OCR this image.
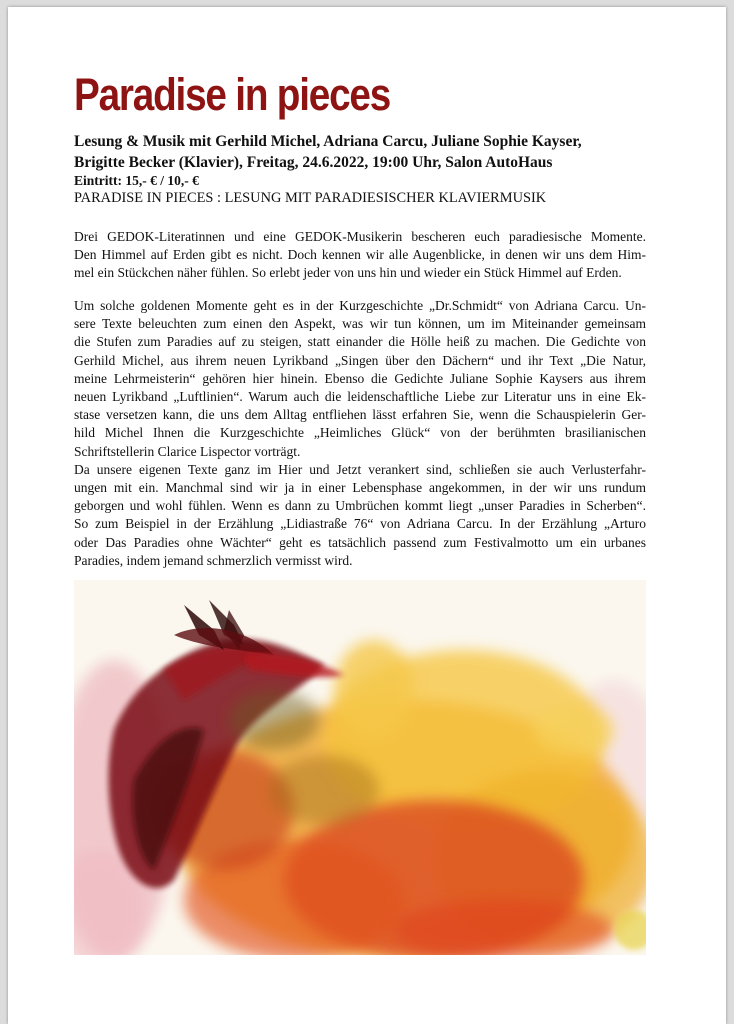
Paradise in pieces

Lesung & Musik mit Gerhild Michel, Adriana Carcu, Juliane Sophie Kayser,

Brigitte Becker (Klavier), Freitag, 24.6.2022, 19:00 Uhr, Salon AutoHaus

Eintritt: 15,- € / 10,- €

PARADISE IN PIECES : LESUNG MIT PARADIESISCHER KLAVIERMUSIK

Drei GEDOK-Literatinnen und eine GEDOK-Musikerin bescheren euch paradiesische Momente.

Den Himmel auf Erden gibt es nicht. Doch kennen wir alle Augenblicke, in denen wir uns dem Him-

mel ein Stückchen näher fühlen. So erlebt jeder von uns hin und wieder ein Stück Himmel auf Erden.

Um solche goldenen Momente geht es in der Kurzgeschichte „Dr.Schmidt“ von Adriana Carcu. Un-

sere Texte beleuchten zum einen den Aspekt, was wir tun können, um im Miteinander gemeinsam

die Stufen zum Paradies auf zu steigen, statt einander die Hölle heiß zu machen. Die Gedichte von

Gerhild Michel, aus ihrem neuen Lyrikband „Singen über den Dächern“ und ihr Text „Die Natur,

meine Lehrmeisterin“ gehören hier hinein. Ebenso die Gedichte Juliane Sophie Kaysers aus ihrem

neuen Lyrikband „Luftlinien“. Warum auch die leidenschaftliche Liebe zur Literatur uns in eine Ek-

stase versetzen kann, die uns dem Alltag entfliehen lässt erfahren Sie, wenn die Schauspielerin Ger-

hild Michel Ihnen die Kurzgeschichte „Heimliches Glück“ von der berühmten brasilianischen

Schriftstellerin Clarice Lispector vorträgt.

Da unsere eigenen Texte ganz im Hier und Jetzt verankert sind, schließen sie auch Verlusterfahr-

ungen mit ein. Manchmal sind wir ja in einer Lebensphase angekommen, in der wir uns rundum

geborgen und wohl fühlen. Wenn es dann zu Umbrüchen kommt liegt „unser Paradies in Scherben“.

So zum Beispiel in der Erzählung „Lidiastraße 76“ von Adriana Carcu. In der Erzählung „Arturo

oder Das Paradies ohne Wächter“ geht es tatsächlich passend zum Festivalmotto um ein urbanes

Paradies, indem jemand schmerzlich vermisst wird.
